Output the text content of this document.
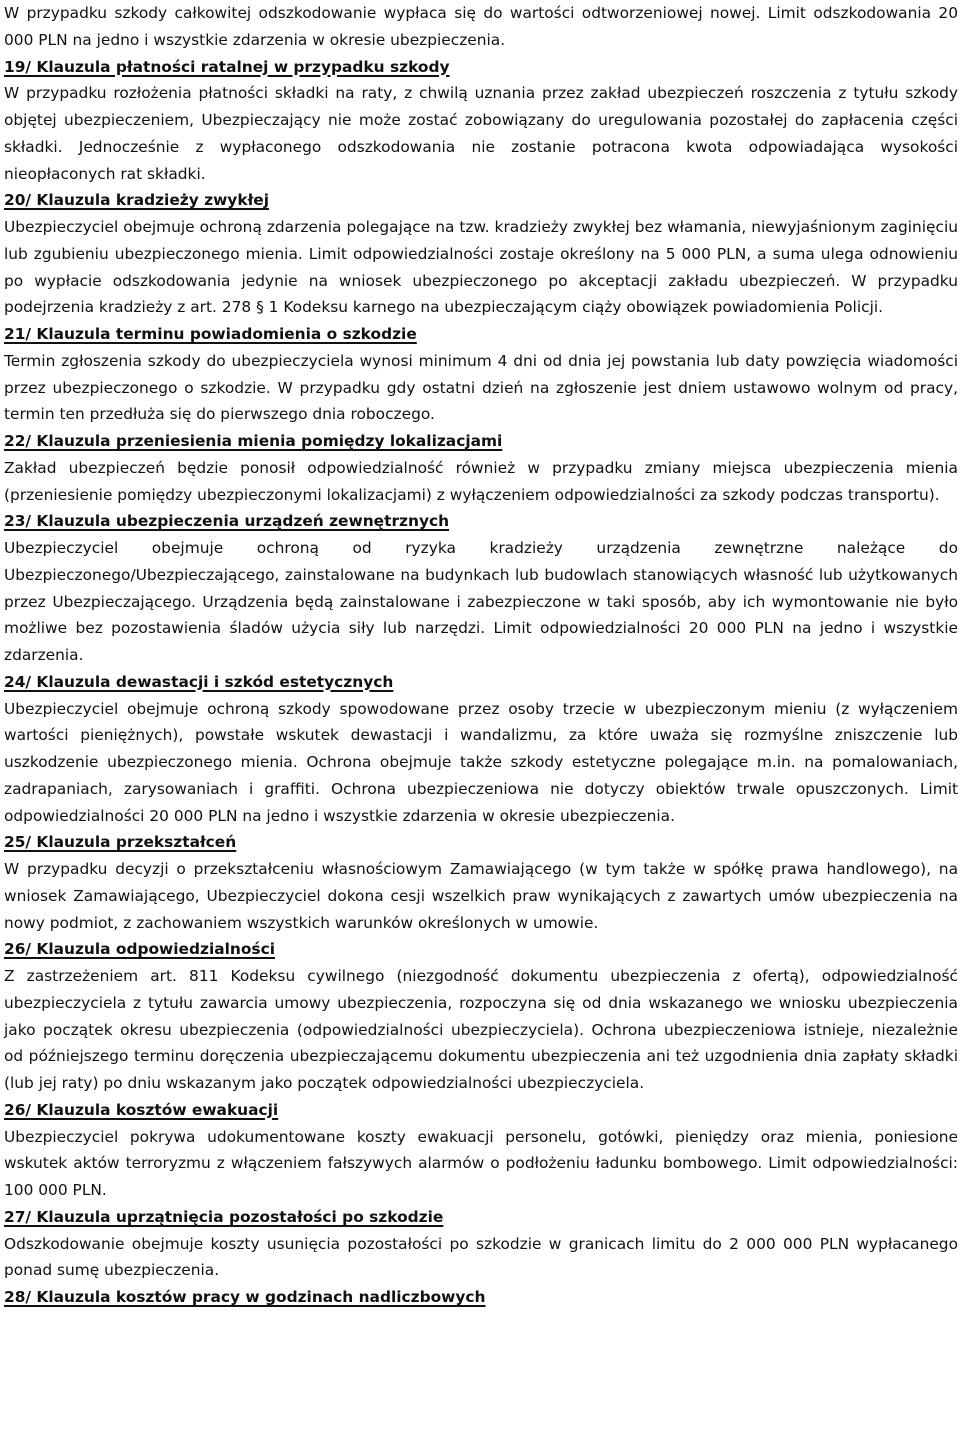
W przypadku szkody całkowitej odszkodowanie wypłaca się do wartości odtworzeniowej nowej. Limit odszkodowania 20 000 PLN na jedno i wszystkie zdarzenia w okresie ubezpieczenia.

19/ Klauzula płatności ratalnej w przypadku szkody

W przypadku rozłożenia płatności składki na raty, z chwilą uznania przez zakład ubezpieczeń roszczenia z tytułu szkody objętej ubezpieczeniem, Ubezpieczający nie może zostać zobowiązany do uregulowania pozostałej do zapłacenia części składki. Jednocześnie z wypłaconego odszkodowania nie zostanie potracona kwota odpowiadająca wysokości nieopłaconych rat składki.

20/ Klauzula kradzieży zwykłej

Ubezpieczyciel obejmuje ochroną zdarzenia polegające na tzw. kradzieży zwykłej bez włamania, niewyjaśnionym zaginięciu lub zgubieniu ubezpieczonego mienia. Limit odpowiedzialności zostaje określony na 5 000 PLN, a suma ulega odnowieniu po wypłacie odszkodowania jedynie na wniosek ubezpieczonego po akceptacji zakładu ubezpieczeń. W przypadku podejrzenia kradzieży z art. 278 § 1 Kodeksu karnego na ubezpieczającym ciąży obowiązek powiadomienia Policji.

21/ Klauzula terminu powiadomienia o szkodzie

Termin zgłoszenia szkody do ubezpieczyciela wynosi minimum 4 dni od dnia jej powstania lub daty powzięcia wiadomości przez ubezpieczonego o szkodzie. W przypadku gdy ostatni dzień na zgłoszenie jest dniem ustawowo wolnym od pracy, termin ten przedłuża się do pierwszego dnia roboczego.

22/ Klauzula przeniesienia mienia pomiędzy lokalizacjami

Zakład ubezpieczeń będzie ponosił odpowiedzialność również w przypadku zmiany miejsca ubezpieczenia mienia (przeniesienie pomiędzy ubezpieczonymi lokalizacjami) z wyłączeniem odpowiedzialności za szkody podczas transportu).

23/ Klauzula ubezpieczenia urządzeń zewnętrznych

Ubezpieczyciel obejmuje ochroną od ryzyka kradzieży urządzenia zewnętrzne należące do Ubezpieczonego/Ubezpieczającego, zainstalowane na budynkach lub budowlach stanowiących własność lub użytkowanych przez Ubezpieczającego. Urządzenia będą zainstalowane i zabezpieczone w taki sposób, aby ich wymontowanie nie było możliwe bez pozostawienia śladów użycia siły lub narzędzi. Limit odpowiedzialności 20 000 PLN na jedno i wszystkie zdarzenia.

24/ Klauzula dewastacji i szkód estetycznych

Ubezpieczyciel obejmuje ochroną szkody spowodowane przez osoby trzecie w ubezpieczonym mieniu (z wyłączeniem wartości pieniężnych), powstałe wskutek dewastacji i wandalizmu, za które uważa się rozmyślne zniszczenie lub uszkodzenie ubezpieczonego mienia. Ochrona obejmuje także szkody estetyczne polegające m.in. na pomalowaniach, zadrapaniach, zarysowaniach i graffiti. Ochrona ubezpieczeniowa nie dotyczy obiektów trwale opuszczonych. Limit odpowiedzialności 20 000 PLN na jedno i wszystkie zdarzenia w okresie ubezpieczenia.

25/ Klauzula przekształceń

W przypadku decyzji o przekształceniu własnościowym Zamawiającego (w tym także w spółkę prawa handlowego), na wniosek Zamawiającego, Ubezpieczyciel dokona cesji wszelkich praw wynikających z zawartych umów ubezpieczenia na nowy podmiot, z zachowaniem wszystkich warunków określonych w umowie.

26/ Klauzula odpowiedzialności

Z zastrzeżeniem art. 811 Kodeksu cywilnego (niezgodność dokumentu ubezpieczenia z ofertą), odpowiedzialność ubezpieczyciela z tytułu zawarcia umowy ubezpieczenia, rozpoczyna się od dnia wskazanego we wniosku ubezpieczenia jako początek okresu ubezpieczenia (odpowiedzialności ubezpieczyciela). Ochrona ubezpieczeniowa istnieje, niezależnie od późniejszego terminu doręczenia ubezpieczającemu dokumentu ubezpieczenia ani też uzgodnienia dnia zapłaty składki (lub jej raty) po dniu wskazanym jako początek odpowiedzialności ubezpieczyciela.

26/ Klauzula kosztów ewakuacji

Ubezpieczyciel pokrywa udokumentowane koszty ewakuacji personelu, gotówki, pieniędzy oraz mienia, poniesione wskutek aktów terroryzmu z włączeniem fałszywych alarmów o podłożeniu ładunku bombowego. Limit odpowiedzialności: 100 000 PLN.

27/ Klauzula uprzątnięcia pozostałości po szkodzie

Odszkodowanie obejmuje koszty usunięcia pozostałości po szkodzie w granicach limitu do 2 000 000 PLN wypłacanego ponad sumę ubezpieczenia.

28/ Klauzula kosztów pracy w godzinach nadliczbowych
